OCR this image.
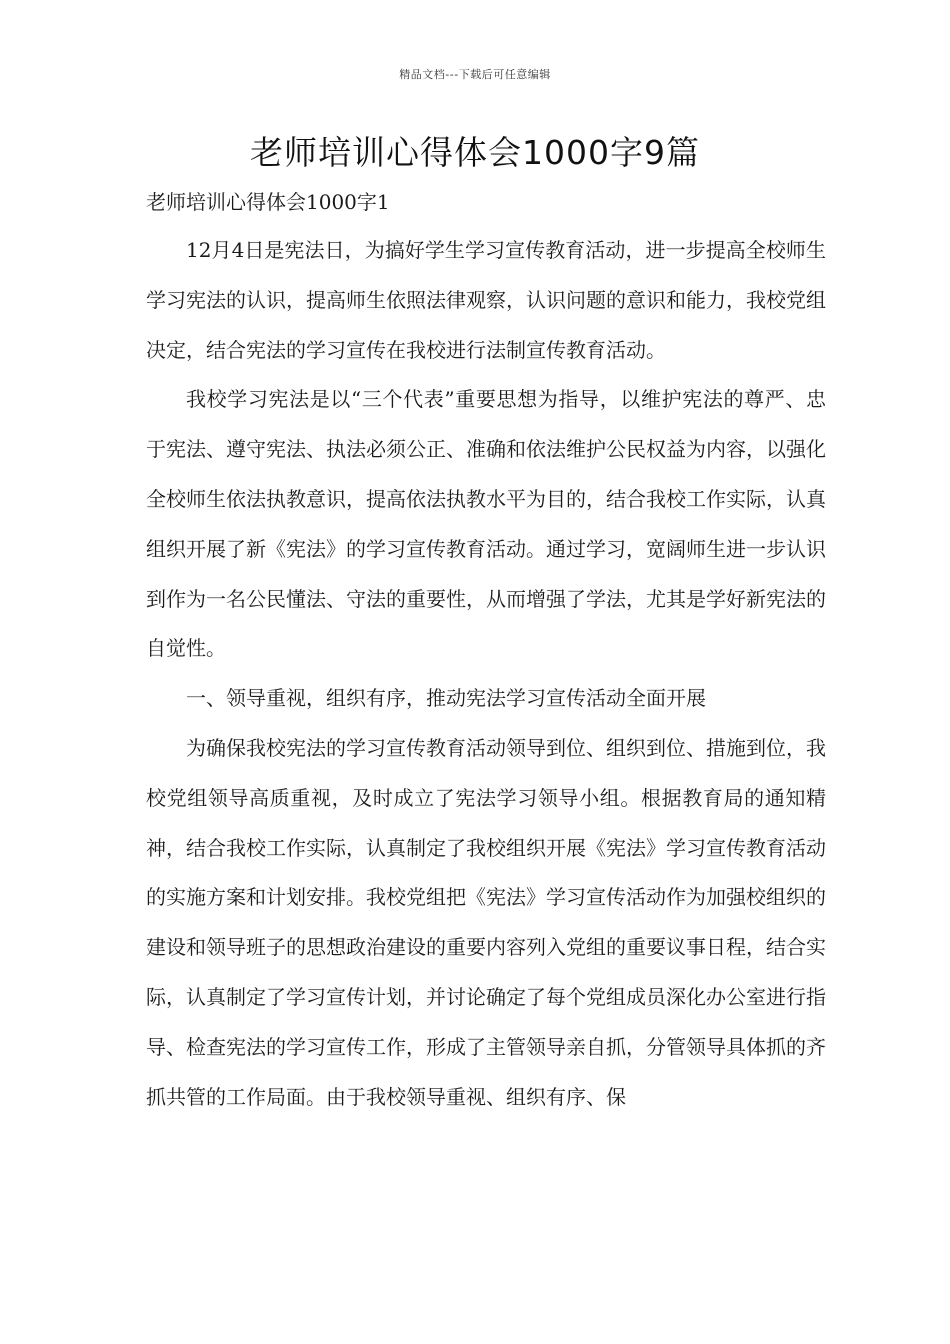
精品文档---下载后可任意编辑
老师培训心得体会1000字9篇
老师培训心得体会1000字1

12月4日是宪法日，为搞好学生学习宣传教育活动，进一步提高全校师生学习宪法的认识，提高师生依照法律观察，认识问题的意识和能力，我校党组决定，结合宪法的学习宣传在我校进行法制宣传教育活动。

我校学习宪法是以“三个代表”重要思想为指导，以维护宪法的尊严、忠于宪法、遵守宪法、执法必须公正、准确和依法维护公民权益为内容，以强化全校师生依法执教意识，提高依法执教水平为目的，结合我校工作实际，认真组织开展了新《宪法》的学习宣传教育活动。通过学习，宽阔师生进一步认识到作为一名公民懂法、守法的重要性，从而增强了学法，尤其是学好新宪法的自觉性。

一、领导重视，组织有序，推动宪法学习宣传活动全面开展

为确保我校宪法的学习宣传教育活动领导到位、组织到位、措施到位，我校党组领导高质重视，及时成立了宪法学习领导小组。根据教育局的通知精神，结合我校工作实际，认真制定了我校组织开展《宪法》学习宣传教育活动的实施方案和计划安排。我校党组把《宪法》学习宣传活动作为加强校组织的建设和领导班子的思想政治建设的重要内容列入党组的重要议事日程，结合实际，认真制定了学习宣传计划，并讨论确定了每个党组成员深化办公室进行指导、检查宪法的学习宣传工作，形成了主管领导亲自抓，分管领导具体抓的齐抓共管的工作局面。由于我校领导重视、组织有序、保
